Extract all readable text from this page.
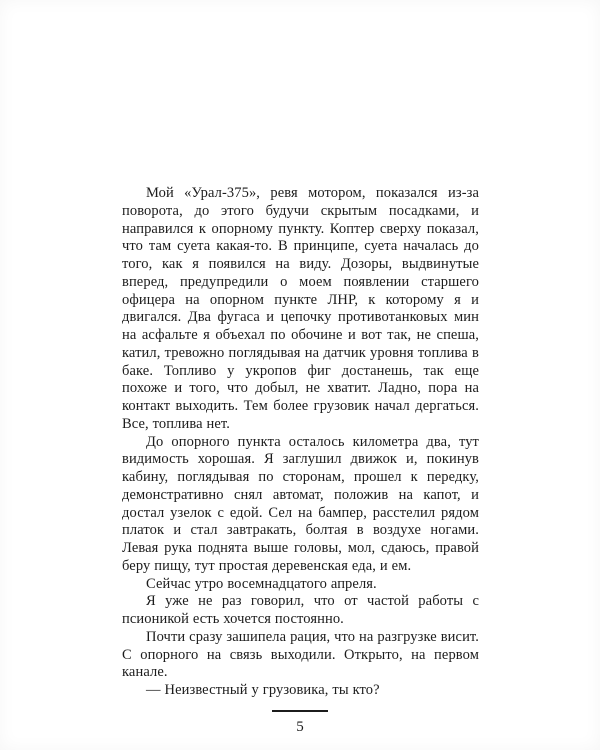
Мой «Урал-375», ревя мотором, показался из-за поворота, до этого будучи скрытым посадками, и направился к опорному пункту. Коптер сверху показал, что там суета какая-то. В принципе, суета началась до того, как я появился на виду. Дозоры, выдвинутые вперед, предупредили о моем появлении старшего офицера на опорном пункте ЛНР, к которому я и двигался. Два фугаса и цепочку противотанковых мин на асфальте я объехал по обочине и вот так, не спеша, катил, тревожно поглядывая на датчик уровня топлива в баке. Топливо у укропов фиг достанешь, так еще похоже и того, что добыл, не хватит. Ладно, пора на контакт выходить. Тем более грузовик начал дергаться. Все, топлива нет.

До опорного пункта осталось километра два, тут видимость хорошая. Я заглушил движок и, покинув кабину, поглядывая по сторонам, прошел к передку, демонстративно снял автомат, положив на капот, и достал узелок с едой. Сел на бампер, расстелил рядом платок и стал завтракать, болтая в воздухе ногами. Левая рука поднята выше головы, мол, сдаюсь, правой беру пищу, тут простая деревенская еда, и ем.

Сейчас утро восемнадцатого апреля.

Я уже не раз говорил, что от частой работы с псионикой есть хочется постоянно.

Почти сразу зашипела рация, что на разгрузке висит. С опорного на связь выходили. Открыто, на первом канале.

— Неизвестный у грузовика, ты кто?

5
